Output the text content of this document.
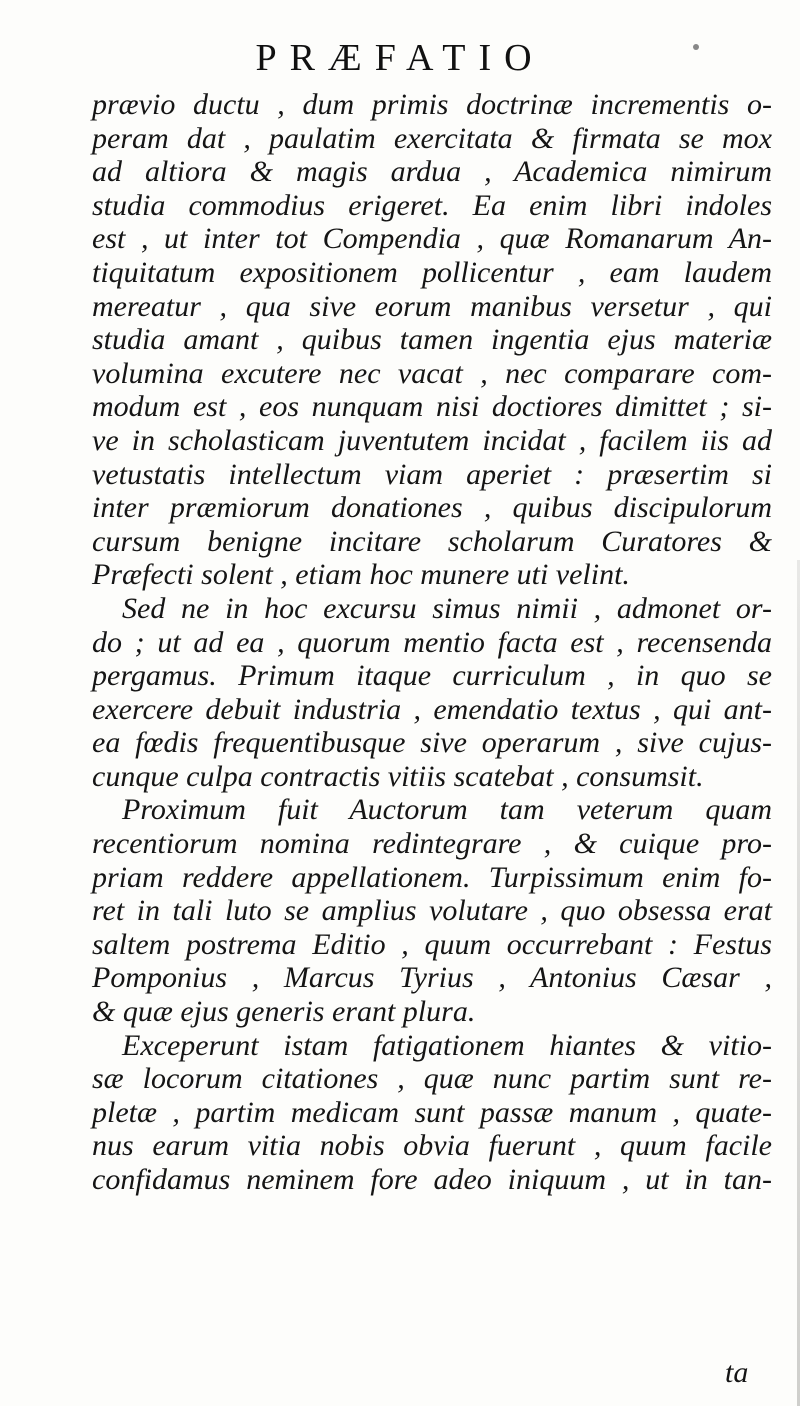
PRÆFATIO
prævio ductu , dum primis doctrinæ incrementis o-
peram dat , paulatim exercitata & firmata se mox
ad altiora & magis ardua , Academica nimirum
studia commodius erigeret. Ea enim libri indoles
est , ut inter tot Compendia , quæ Romanarum An-
tiquitatum expositionem pollicentur , eam laudem
mereatur , qua sive eorum manibus versetur , qui
studia amant , quibus tamen ingentia ejus materiæ
volumina excutere nec vacat , nec comparare com-
modum est , eos nunquam nisi doctiores dimittet ; si-
ve in scholasticam juventutem incidat , facilem iis ad
vetustatis intellectum viam aperiet : præsertim si
inter præmiorum donationes , quibus discipulorum
cursum benigne incitare scholarum Curatores &
Præfecti solent , etiam hoc munere uti velint.
Sed ne in hoc excursu simus nimii , admonet or-
do ; ut ad ea , quorum mentio facta est , recensenda
pergamus. Primum itaque curriculum , in quo se
exercere debuit industria , emendatio textus , qui ant-
ea fœdis frequentibusque sive operarum , sive cujus-
cunque culpa contractis vitiis scatebat , consumsit.
Proximum fuit Auctorum tam veterum quam
recentiorum nomina redintegrare , & cuique pro-
priam reddere appellationem. Turpissimum enim fo-
ret in tali luto se amplius volutare , quo obsessa erat
saltem postrema Editio , quum occurrebant : Festus
Pomponius , Marcus Tyrius , Antonius Cæsar ,
& quæ ejus generis erant plura.
Exceperunt istam fatigationem hiantes & vitio-
sæ locorum citationes , quæ nunc partim sunt re-
pletæ , partim medicam sunt passæ manum , quate-
nus earum vitia nobis obvia fuerunt , quum facile
confidamus neminem fore adeo iniquum , ut in tan-
ta
